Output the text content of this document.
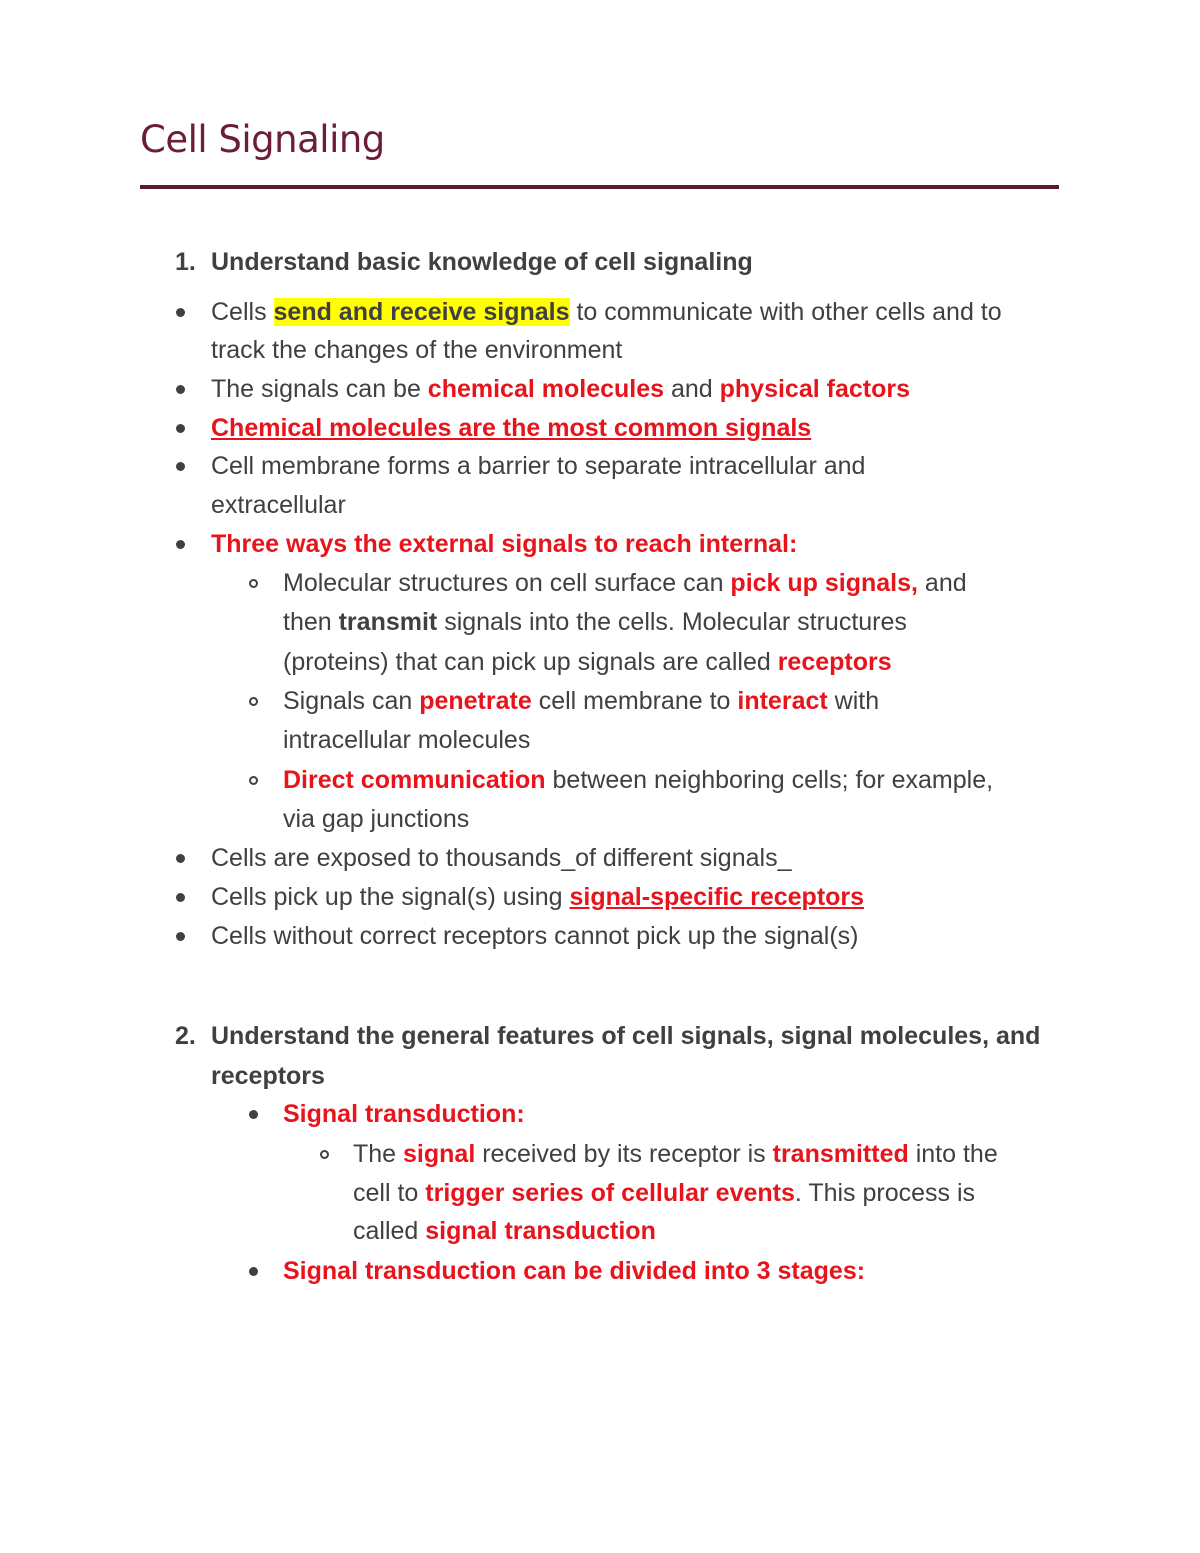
Cell Signaling
1. Understand basic knowledge of cell signaling
Cells send and receive signals to communicate with other cells and to
track the changes of the environment
The signals can be chemical molecules and physical factors
Chemical molecules are the most common signals
Cell membrane forms a barrier to separate intracellular and
extracellular
Three ways the external signals to reach internal:
Molecular structures on cell surface can pick up signals, and
then transmit signals into the cells. Molecular structures
(proteins) that can pick up signals are called receptors
Signals can penetrate cell membrane to interact with
intracellular molecules
Direct communication between neighboring cells; for example,
via gap junctions
Cells are exposed to thousands_of different signals_
Cells pick up the signal(s) using signal-specific receptors
Cells without correct receptors cannot pick up the signal(s)
2. Understand the general features of cell signals, signal molecules, and
receptors
Signal transduction:
The signal received by its receptor is transmitted into the
cell to trigger series of cellular events. This process is
called signal transduction
Signal transduction can be divided into 3 stages:
